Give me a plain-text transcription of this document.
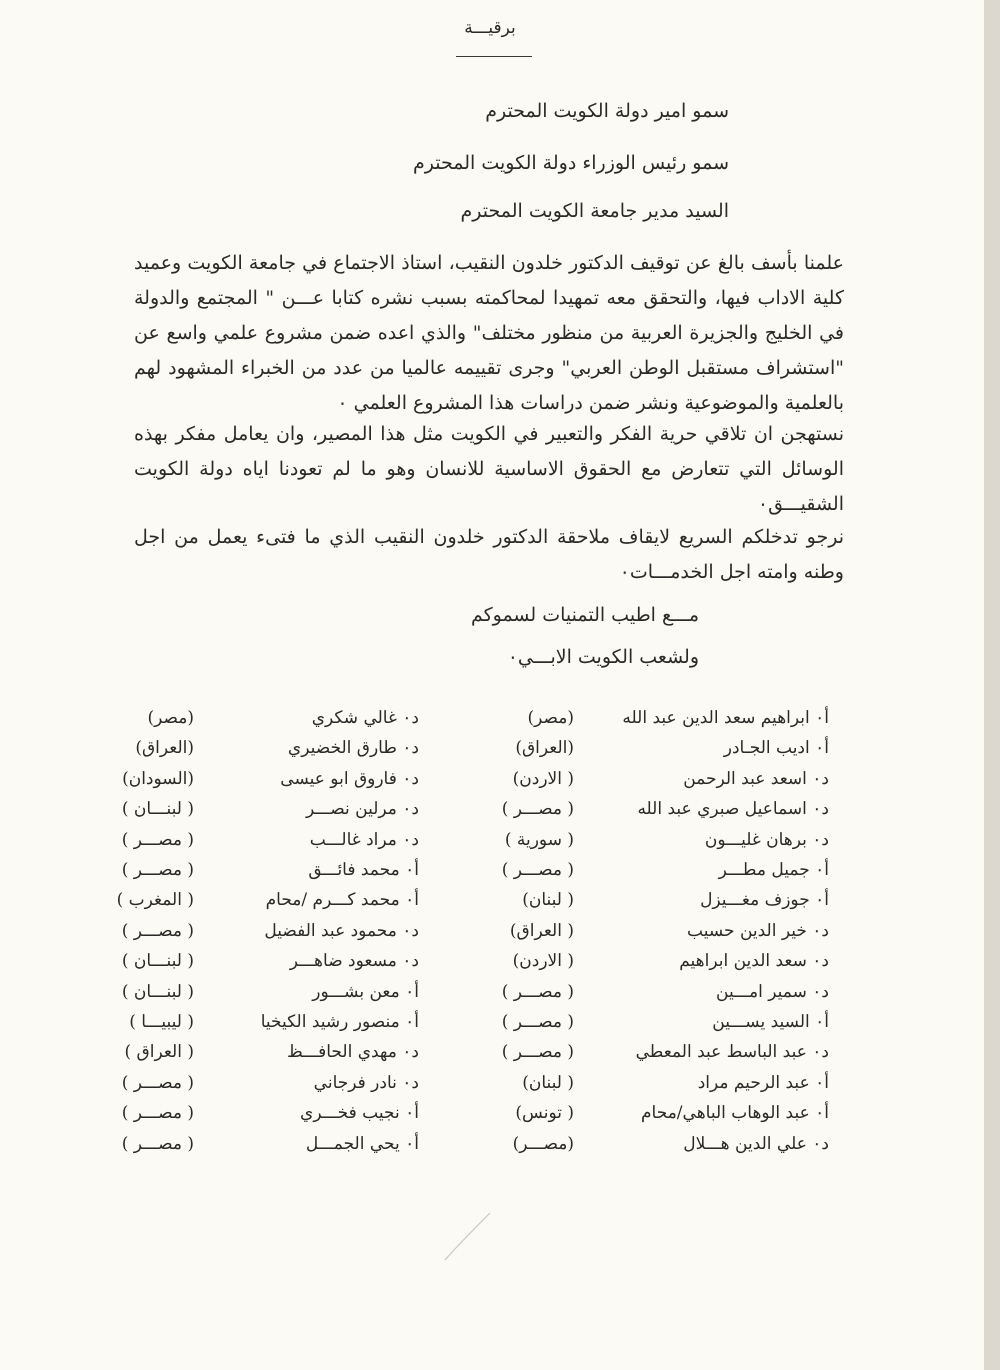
برقيـــة
سمو امير دولة الكويت المحترم
سمو رئيس الوزراء دولة الكويت المحترم
السيد مدير جامعة الكويت المحترم
علمنا بأسف بالغ عن توقيف الدكتور خلدون النقيب، استاذ الاجتماع في جامعة الكويت وعميد كلية الاداب فيها، والتحقق معه تمهيدا لمحاكمته بسبب نشره كتابا عـــن " المجتمع والدولة في الخليج والجزيرة العربية من منظور مختلف" والذي اعده ضمن مشروع علمي واسع عن "استشراف مستقبل الوطن العربي" وجرى تقييمه عالميا من عدد من الخبراء المشهود لهم بالعلمية والموضوعية ونشر ضمن دراسات هذا المشروع العلمي ٠
نستهجن ان تلاقي حرية الفكر والتعبير في الكويت مثل هذا المصير، وان يعامل مفكر بهذه الوسائل التي تتعارض مع الحقوق الاساسية للانسان وهو ما لم تعودنا اياه دولة الكويت الشقيـــق٠
نرجو تدخلكم السريع لايقاف ملاحقة الدكتور خلدون النقيب الذي ما فتىء يعمل من اجل وطنه وامته اجل الخدمـــات٠
مـــع اطيب التمنيات لسموكم
ولشعب الكويت الابـــي٠
أ٠ ابراهيم سعد الدين عبد الله
(مصر)
أ٠ اديب الجـادر
(العراق)
د٠ اسعد عبد الرحمن
( الاردن)
د٠ اسماعيل صبري عبد الله
( مصـــر )
د٠ برهان غليـــون
( سورية )
أ٠ جميل مطـــر
( مصـــر )
أ٠ جوزف مغـــيزل
( لبنان)
د٠ خير الدين حسيب
( العراق)
د٠ سعد الدين ابراهيم
( الاردن)
د٠ سمير امـــين
( مصـــر )
أ٠ السيد يســـين
( مصـــر )
د٠ عبد الباسط عبد المعطي
( مصـــر )
أ٠ عبد الرحيم مراد
( لبنان)
أ٠ عبد الوهاب الباهي/محام
( تونس)
د٠ علي الدين هـــلال
(مصـــر)
د٠ غالي شكري
(مصر)
د٠ طارق الخضيري
(العراق)
د٠ فاروق ابو عيسى
(السودان)
د٠ مرلين نصـــر
( لبنـــان )
د٠ مراد غالـــب
( مصـــر )
أ٠ محمد فائـــق
( مصـــر )
أ٠ محمد كـــرم /محام
( المغرب )
د٠ محمود عبد الفضيل
( مصـــر )
د٠ مسعود ضاهـــر
( لبنـــان )
أ٠ معن بشـــور
( لبنـــان )
أ٠ منصور رشيد الكيخيا
( ليبيـــا )
د٠ مهدي الحافـــظ
( العراق )
د٠ نادر فرجاني
( مصـــر )
أ٠ نجيب فخـــري
( مصـــر )
أ٠ يحي الجمـــل
( مصـــر )
